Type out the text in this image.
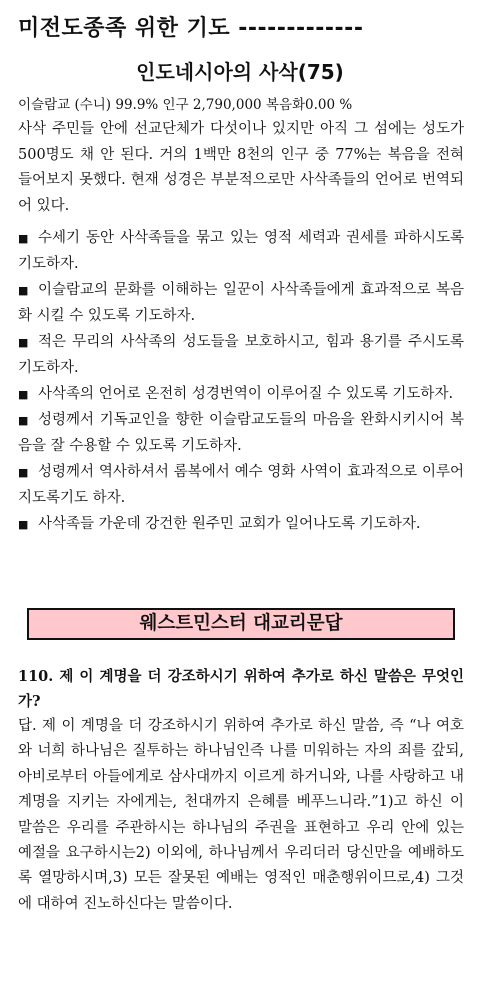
미전도종족 위한 기도 -------------
인도네시아의 사삭(75)
이슬람교 (수니) 99.9% 인구 2,790,000 복음화0.00 %
사삭 주민들 안에 선교단체가 다섯이나 있지만 아직 그 섬에는 성도가 500명도 채 안 된다. 거의 1백만 8천의 인구 중 77%는 복음을 전혀 들어보지 못했다. 현재 성경은 부분적으로만 사삭족들의 언어로 번역되어 있다.
■ 수세기 동안 사삭족들을 묶고 있는 영적 세력과 권세를 파하시도록 기도하자.
■ 이슬람교의 문화를 이해하는 일꾼이 사삭족들에게 효과적으로 복음화 시킬 수 있도록 기도하자.
■ 적은 무리의 사삭족의 성도들을 보호하시고, 힘과 용기를 주시도록 기도하자.
■ 사삭족의 언어로 온전히 성경번역이 이루어질 수 있도록 기도하자.
■ 성령께서 기독교인을 향한 이슬람교도들의 마음을 완화시키시어 복음을 잘 수용할 수 있도록 기도하자.
■ 성령께서 역사하셔서 롬복에서 예수 영화 사역이 효과적으로 이루어지도록기도 하자.
■ 사삭족들 가운데 강건한 원주민 교회가 일어나도록 기도하자.
웨스트민스터 대교리문답
110. 제 이 계명을 더 강조하시기 위하여 추가로 하신 말씀은 무엇인가?
답. 제 이 계명을 더 강조하시기 위하여 추가로 하신 말씀, 즉 “나 여호와 너희 하나님은 질투하는 하나님인즉 나를 미워하는 자의 죄를 갚되, 아비로부터 아들에게로 삼사대까지 이르게 하거니와, 나를 사랑하고 내 계명을 지키는 자에게는, 천대까지 은혜를 베푸느니라.”1)고 하신 이 말씀은 우리를 주관하시는 하나님의 주권을 표현하고 우리 안에 있는 예절을 요구하시는2) 이외에, 하나님께서 우리더러 당신만을 예배하도록 열망하시며,3) 모든 잘못된 예배는 영적인 매춘행위이므로,4) 그것에 대하여 진노하신다는 말씀이다.
